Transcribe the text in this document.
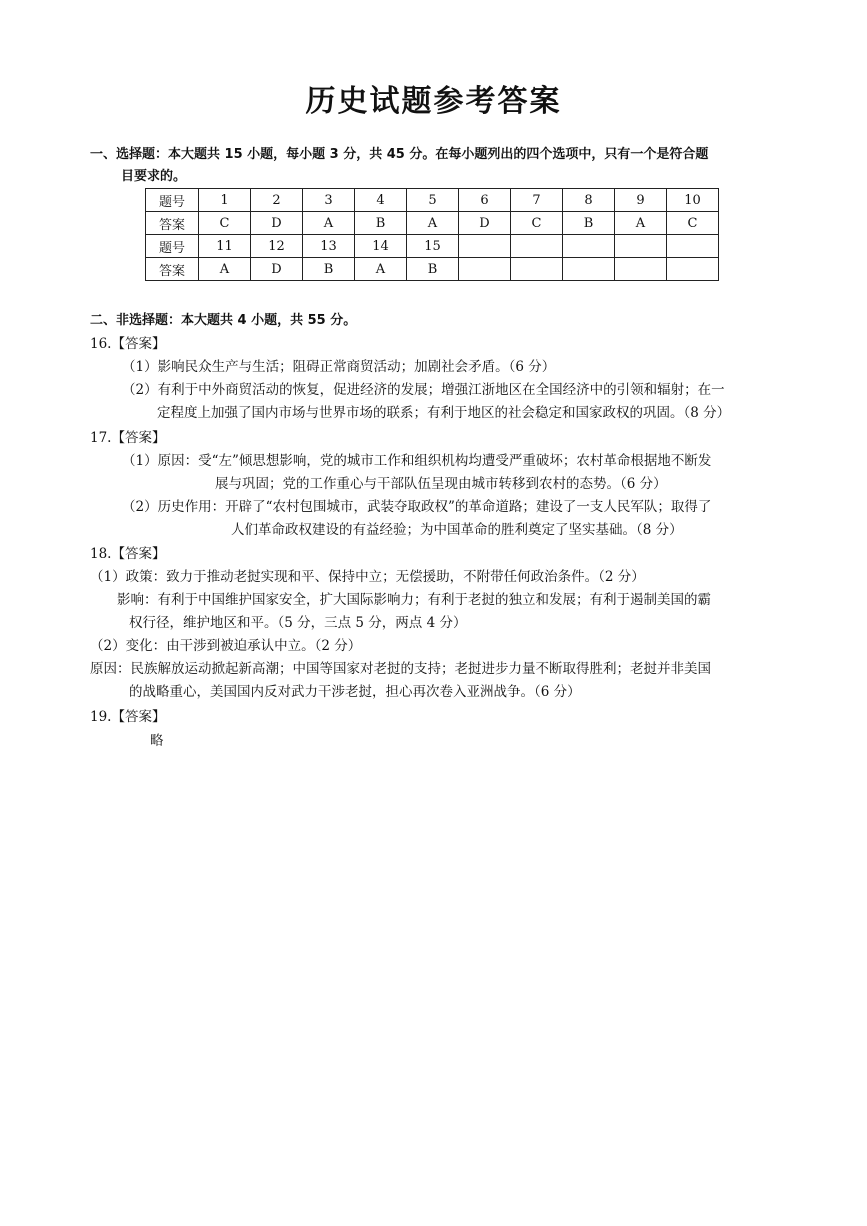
历史试题参考答案
一、选择题：本大题共 15 小题，每小题 3 分，共 45 分。在每小题列出的四个选项中，只有一个是符合题
目要求的。
题号	1	2	3	4	5	6	7	8	9	10
答案	C	D	A	B	A	D	C	B	A	C
题号	11	12	13	14	15					
答案	A	D	B	A	B					
二、非选择题：本大题共 4 小题，共 55 分。
16.【答案】
（1）影响民众生产与生活；阻碍正常商贸活动；加剧社会矛盾。（6 分）
（2）有利于中外商贸活动的恢复，促进经济的发展；增强江浙地区在全国经济中的引领和辐射；在一
定程度上加强了国内市场与世界市场的联系；有利于地区的社会稳定和国家政权的巩固。（8 分）
17.【答案】
（1）原因：受“左”倾思想影响，党的城市工作和组织机构均遭受严重破坏；农村革命根据地不断发
展与巩固；党的工作重心与干部队伍呈现由城市转移到农村的态势。（6 分）
（2）历史作用：开辟了“农村包围城市，武装夺取政权”的革命道路；建设了一支人民军队；取得了
人们革命政权建设的有益经验；为中国革命的胜利奠定了坚实基础。（8 分）
18.【答案】
（1）政策：致力于推动老挝实现和平、保持中立；无偿援助，不附带任何政治条件。（2 分）
影响：有利于中国维护国家安全，扩大国际影响力；有利于老挝的独立和发展；有利于遏制美国的霸
权行径，维护地区和平。（5 分，三点 5 分，两点 4 分）
（2）变化：由干涉到被迫承认中立。（2 分）
原因：民族解放运动掀起新高潮；中国等国家对老挝的支持；老挝进步力量不断取得胜利；老挝并非美国
的战略重心，美国国内反对武力干涉老挝，担心再次卷入亚洲战争。（6 分）
19.【答案】
略
